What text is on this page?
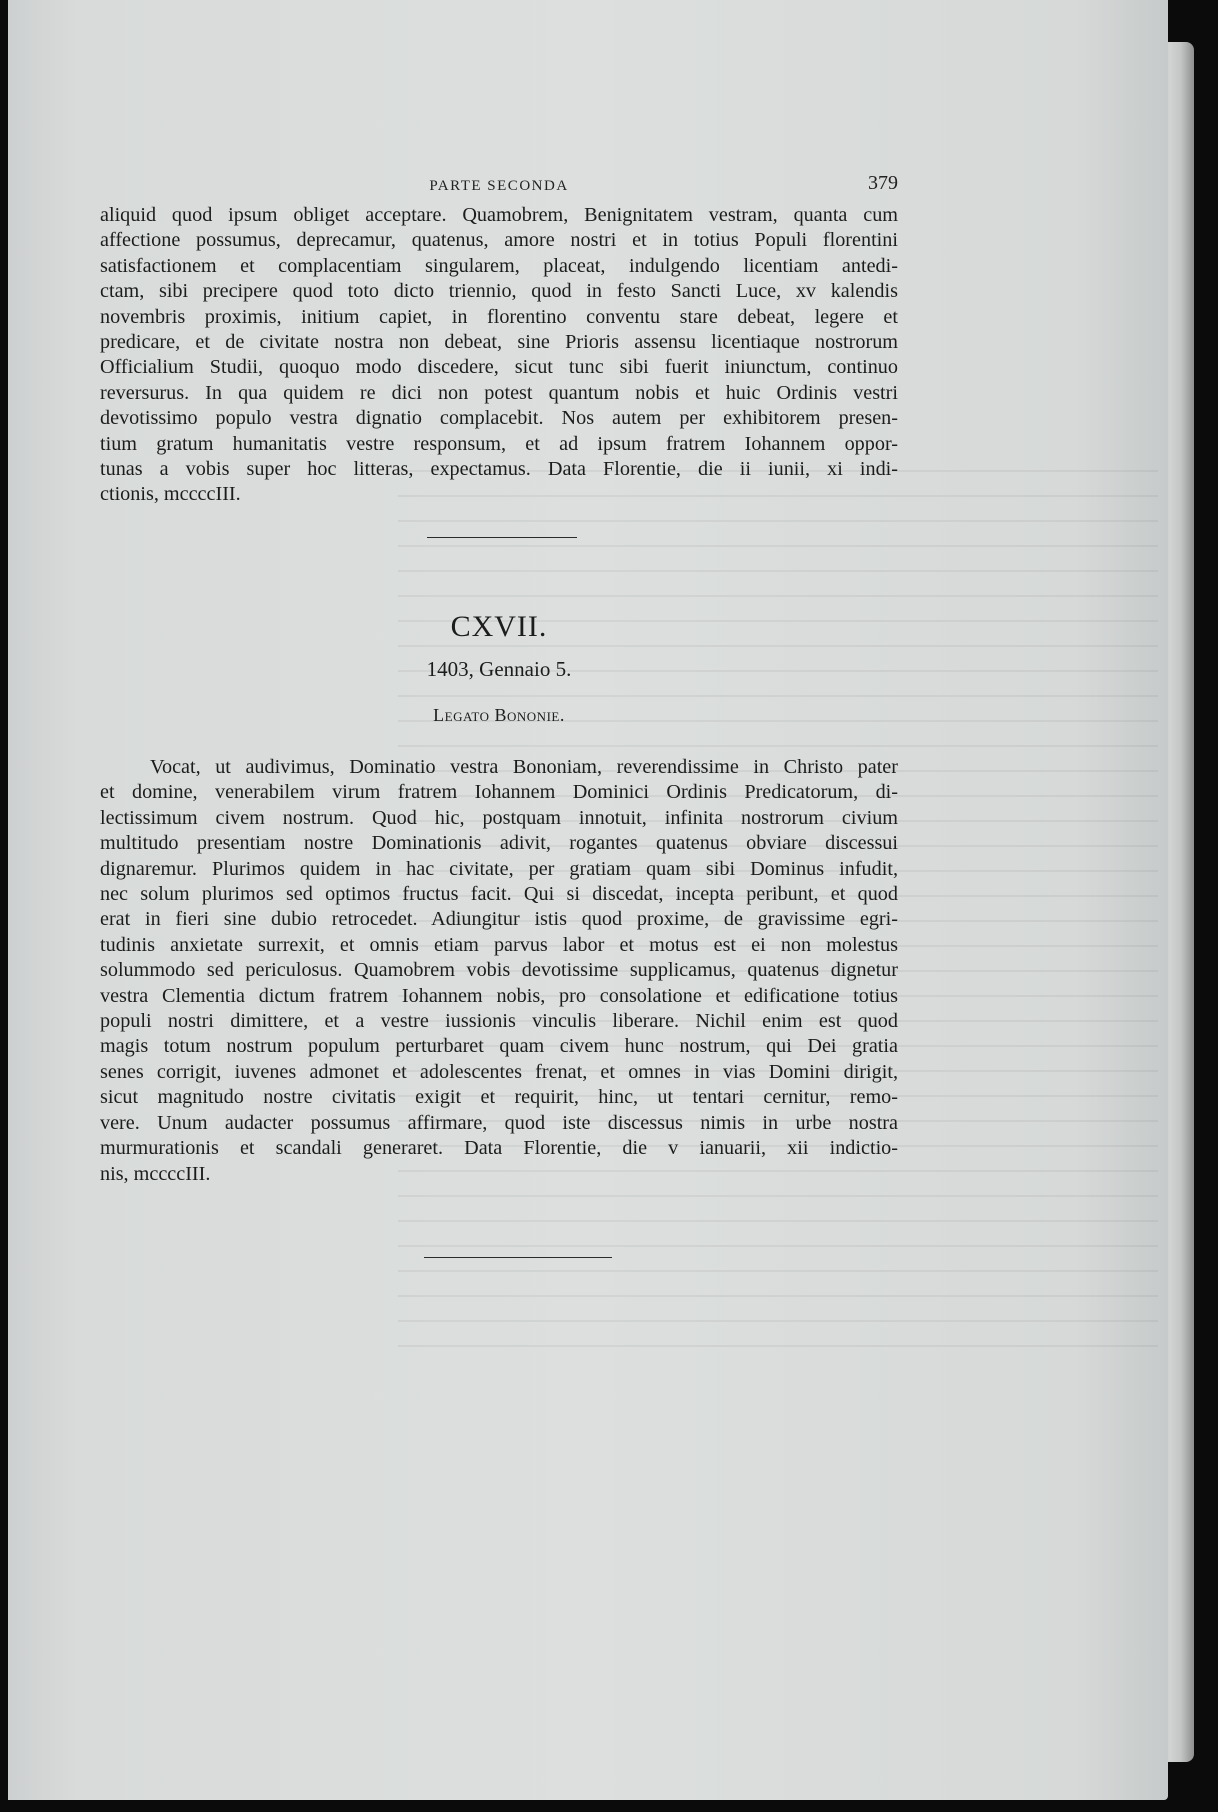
PARTE SECONDA	379

aliquid quod ipsum obliget acceptare. Quamobrem, Benignitatem vestram, quanta cum
affectione possumus, deprecamur, quatenus, amore nostri et in totius Populi florentini
satisfactionem et complacentiam singularem, placeat, indulgendo licentiam antedi-
ctam, sibi precipere quod toto dicto triennio, quod in festo Sancti Luce, xv kalendis
novembris proximis, initium capiet, in florentino conventu stare debeat, legere et
predicare, et de civitate nostra non debeat, sine Prioris assensu licentiaque nostrorum
Officialium Studii, quoquo modo discedere, sicut tunc sibi fuerit iniunctum, continuo
reversurus. In qua quidem re dici non potest quantum nobis et huic Ordinis vestri
devotissimo populo vestra dignatio complacebit. Nos autem per exhibitorem presen-
tium gratum humanitatis vestre responsum, et ad ipsum fratrem Iohannem oppor-
tunas a vobis super hoc litteras, expectamus. Data Florentie, die ii iunii, xi indi-
ctionis, mccccIII.

CXVII.
1403, Gennaio 5.
Legato Bononie.

Vocat, ut audivimus, Dominatio vestra Bononiam, reverendissime in Christo pater
et domine, venerabilem virum fratrem Iohannem Dominici Ordinis Predicatorum, di-
lectissimum civem nostrum. Quod hic, postquam innotuit, infinita nostrorum civium
multitudo presentiam nostre Dominationis adivit, rogantes quatenus obviare discessui
dignaremur. Plurimos quidem in hac civitate, per gratiam quam sibi Dominus infudit,
nec solum plurimos sed optimos fructus facit. Qui si discedat, incepta peribunt, et quod
erat in fieri sine dubio retrocedet. Adiungitur istis quod proxime, de gravissime egri-
tudinis anxietate surrexit, et omnis etiam parvus labor et motus est ei non molestus
solummodo sed periculosus. Quamobrem vobis devotissime supplicamus, quatenus dignetur
vestra Clementia dictum fratrem Iohannem nobis, pro consolatione et edificatione totius
populi nostri dimittere, et a vestre iussionis vinculis liberare. Nichil enim est quod
magis totum nostrum populum perturbaret quam civem hunc nostrum, qui Dei gratia
senes corrigit, iuvenes admonet et adolescentes frenat, et omnes in vias Domini dirigit,
sicut magnitudo nostre civitatis exigit et requirit, hinc, ut tentari cernitur, remo-
vere. Unum audacter possumus affirmare, quod iste discessus nimis in urbe nostra
murmurationis et scandali generaret. Data Florentie, die v ianuarii, xii indictio-
nis, mccccIII.
